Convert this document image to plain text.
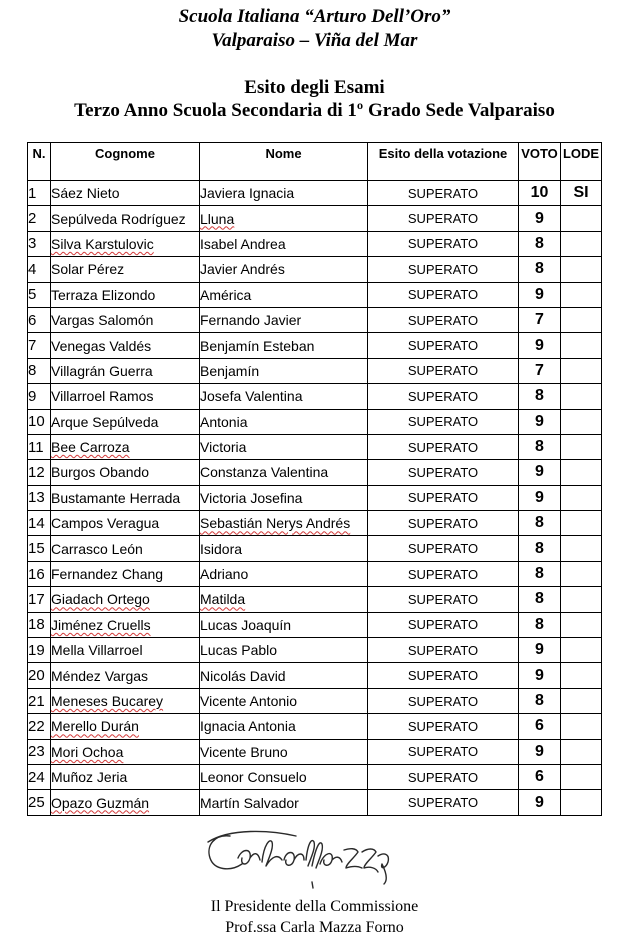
Scuola Italiana “Arturo Dell’Oro”
Valparaiso – Viña del Mar
Esito degli Esami
Terzo Anno Scuola Secondaria di 1º Grado Sede Valparaiso
N.	Cognome	Nome	Esito della votazione	VOTO	LODE
1	Sáez Nieto	Javiera Ignacia	SUPERATO	10	SI
2	Sepúlveda Rodríguez	Lluna	SUPERATO	9	
3	Silva Karstulovic	Isabel Andrea	SUPERATO	8	
4	Solar Pérez	Javier Andrés	SUPERATO	8	
5	Terraza Elizondo	América	SUPERATO	9	
6	Vargas Salomón	Fernando Javier	SUPERATO	7	
7	Venegas Valdés	Benjamín Esteban	SUPERATO	9	
8	Villagrán Guerra	Benjamín	SUPERATO	7	
9	Villarroel Ramos	Josefa Valentina	SUPERATO	8	
10	Arque Sepúlveda	Antonia	SUPERATO	9	
11	Bee Carroza	Victoria	SUPERATO	8	
12	Burgos Obando	Constanza Valentina	SUPERATO	9	
13	Bustamante Herrada	Victoria Josefina	SUPERATO	9	
14	Campos Veragua	Sebastián Nerys Andrés	SUPERATO	8	
15	Carrasco León	Isidora	SUPERATO	8	
16	Fernandez Chang	Adriano	SUPERATO	8	
17	Giadach Ortego	Matilda	SUPERATO	8	
18	Jiménez Cruells	Lucas Joaquín	SUPERATO	8	
19	Mella Villarroel	Lucas Pablo	SUPERATO	9	
20	Méndez Vargas	Nicolás David	SUPERATO	9	
21	Meneses Bucarey	Vicente Antonio	SUPERATO	8	
22	Merello Durán	Ignacia Antonia	SUPERATO	6	
23	Mori Ochoa	Vicente Bruno	SUPERATO	9	
24	Muñoz Jeria	Leonor Consuelo	SUPERATO	6	
25	Opazo Guzmán	Martín Salvador	SUPERATO	9	
Il Presidente della Commissione
Prof.ssa Carla Mazza Forno
